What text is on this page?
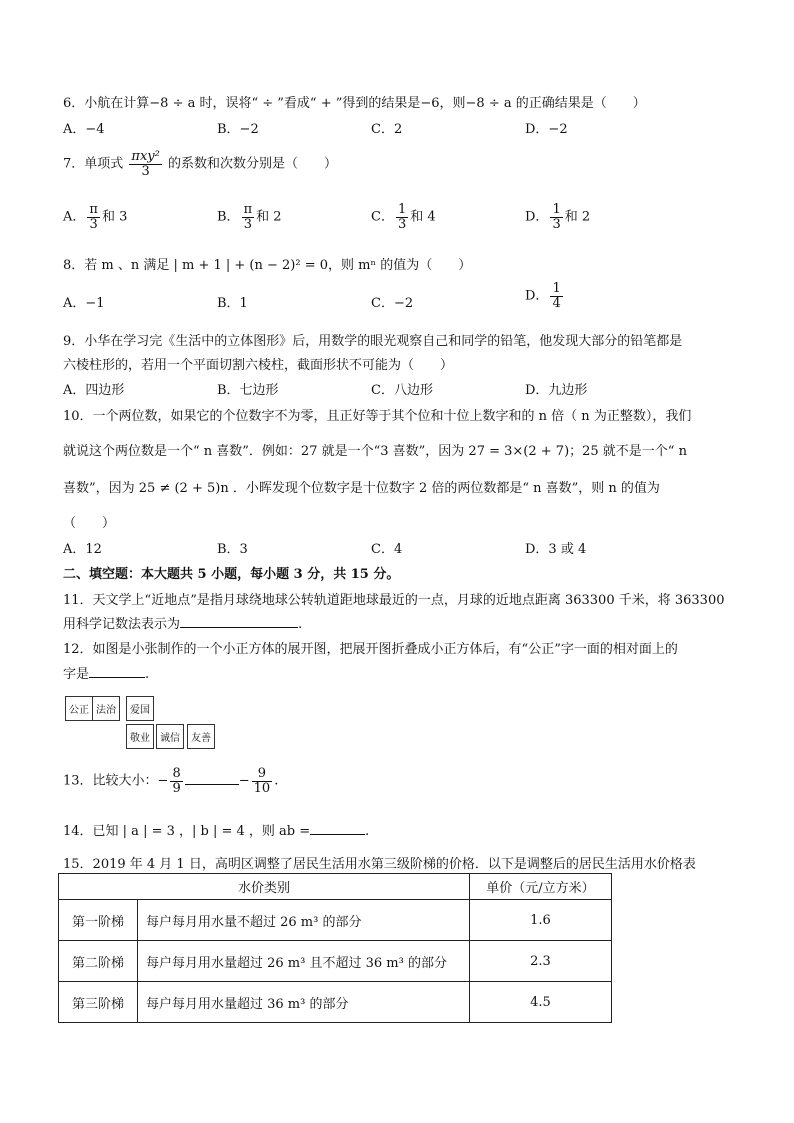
6．小航在计算−8 ÷ a 时，误将“ ÷ ”看成“ + ”得到的结果是−6，则−8 ÷ a 的正确结果是（　　）
A．−4	B．−2	C．2	D．−2
7．单项式 $\frac{\text{πxy²}}{3}$ 的系数和次数分别是（　　）
A． $\frac{\pi}{3}$ 和 3	B． $\frac{\pi}{3}$ 和 2	C． $\frac{1}{3}$ 和 4	D． $\frac{1}{3}$ 和 2
8．若 m 、n 满足 | m + 1 | + (n − 2)² = 0，则 mⁿ 的值为（　　）
A．−1	B．1	C．−2	D． $\frac{1}{4}$
9．小华在学习完《生活中的立体图形》后，用数学的眼光观察自己和同学的铅笔，他发现大部分的铅笔都是
六棱柱形的，若用一个平面切割六棱柱，截面形状不可能为（　　）
A．四边形	B．七边形	C．八边形	D．九边形
10．一个两位数，如果它的个位数字不为零，且正好等于其个位和十位上数字和的 n 倍（ n 为正整数），我们
就说这个两位数是一个“ n 喜数”．例如：27 就是一个“3 喜数”，因为 27 = 3×(2 + 7)；25 就不是一个“ n
喜数”，因为 25 ≠ (2 + 5)n ．小晖发现个位数字是十位数字 2 倍的两位数都是“ n 喜数”，则 n 的值为
（　　）
A．12	B．3	C．4	D．3 或 4
二、填空题：本大题共 5 小题，每小题 3 分，共 15 分。
11．天文学上“近地点”是指月球绕地球公转轨道距地球最近的一点，月球的近地点距离 363300 千米，将 363300
用科学记数法表示为	.
12．如图是小张制作的一个小正方体的展开图，把展开图折叠成小正方体后，有“公正”字一面的相对面上的
字是	.
公正 法治	爱国
敬业	诚信	友善
13．比较大小：− $\frac{8}{9}$	− $\frac{9}{10}$ .
14．已知 | a | = 3 ，| b | = 4 ，则 ab =	.
15．2019 年 4 月 1 日，高明区调整了居民生活用水第三级阶梯的价格．以下是调整后的居民生活用水价格表
水价类别		单价（元/立方米）
第一阶梯	每户每月用水量不超过 26 m³ 的部分	1.6
第二阶梯	每户每月用水量超过 26 m³ 且不超过 36 m³ 的部分	2.3
第三阶梯	每户每月用水量超过 36 m³ 的部分	4.5
